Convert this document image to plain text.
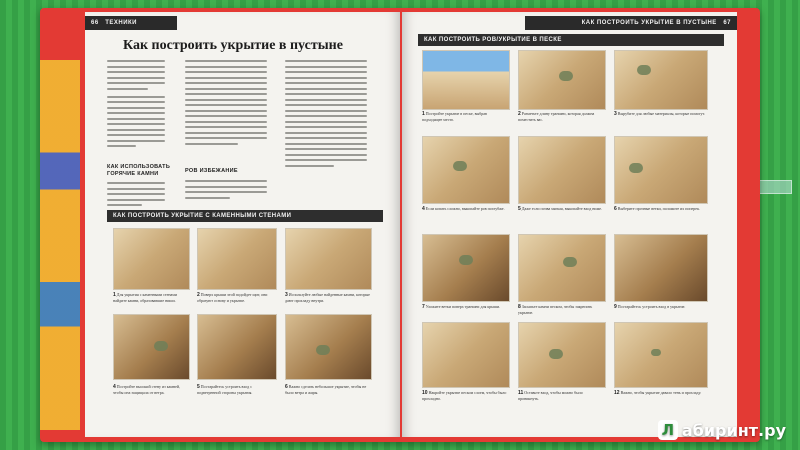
66 ТЕХНИКИ
Как построить укрытие в пустыне
КАК ИСПОЛЬЗОВАТЬ ГОРЯЧИЕ КАМНИ	РОВ ИЗБЕЖАНИЕ
КАК ПОСТРОИТЬ УКРЫТИЕ С КАМЕННЫМИ СТЕНАМИ
1 Для укрытия с каменными стенами найдите камни, образовавшие ниши.
2 Поверх крыши этой подойдет щит, они образуют основу и укрытие.
3 Используйте любые найденные камни, которые дают прохладу внутри.
4 Постройте высокий стену из камней, чтобы она защищала от ветра.
5 Постарайтесь устроить вход с подветренной стороны укрытия.
6 Важно сделать небольшое укрытие, чтобы не было ветра и жары.
КАК ПОСТРОИТЬ УКРЫТИЕ В ПУСТЫНЕ 67
КАК ПОСТРОИТЬ РОВ/УКРЫТИЕ В ПЕСКЕ
1 Постройте укрытие в песке, выбрав подходящее место.
2 Разметьте длину траншеи, которая должна поместить вас.
3 Вырубите для любые материалы, которые помогут.
4 Если копать сложно, выкопайте ров поглубже.	5 Даже если почва мягкая, выкопайте вход ниже.	6 Выберите прочные ветки, положите их поперек.
7 Уложите ветки поверх траншеи для крыши.	8 Засыпьте камни песком, чтобы закрепить укрытие.
9 Постарайтесь устроить вход в укрытие.
10 Накройте укрытие песком слоем, чтобы было прохладно.
11 Оставьте вход, чтобы можно было проникнуть.
12 Важно, чтобы укрытие давало тень и прохладу.
Л абиринт.ру
